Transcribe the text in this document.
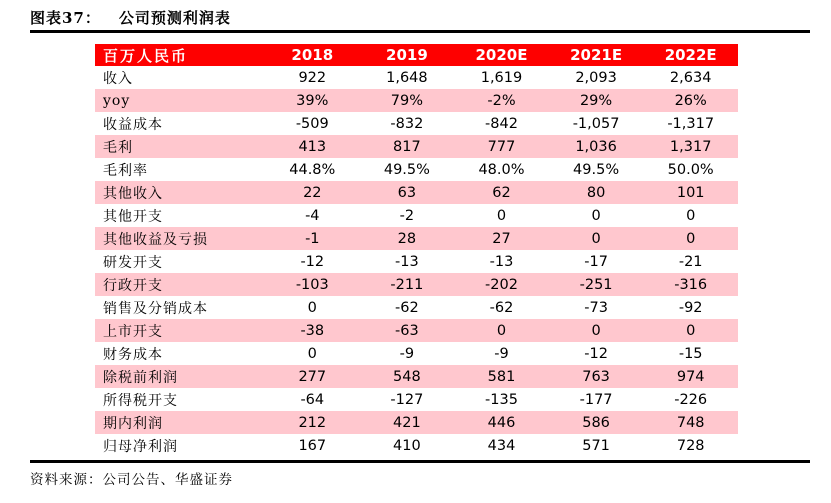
图表37： 公司预测利润表
百万人民币	2018	2019	2020E	2021E	2022E
收入	922	1,648	1,619	2,093	2,634
yoy	39%	79%	-2%	29%	26%
收益成本	-509	-832	-842	-1,057	-1,317
毛利	413	817	777	1,036	1,317
毛利率	44.8%	49.5%	48.0%	49.5%	50.0%
其他收入	22	63	62	80	101
其他开支	-4	-2	0	0	0
其他收益及亏损	-1	28	27	0	0
研发开支	-12	-13	-13	-17	-21
行政开支	-103	-211	-202	-251	-316
销售及分销成本	0	-62	-62	-73	-92
上市开支	-38	-63	0	0	0
财务成本	0	-9	-9	-12	-15
除税前利润	277	548	581	763	974
所得税开支	-64	-127	-135	-177	-226
期内利润	212	421	446	586	748
归母净利润	167	410	434	571	728
资料来源：公司公告、华盛证券
